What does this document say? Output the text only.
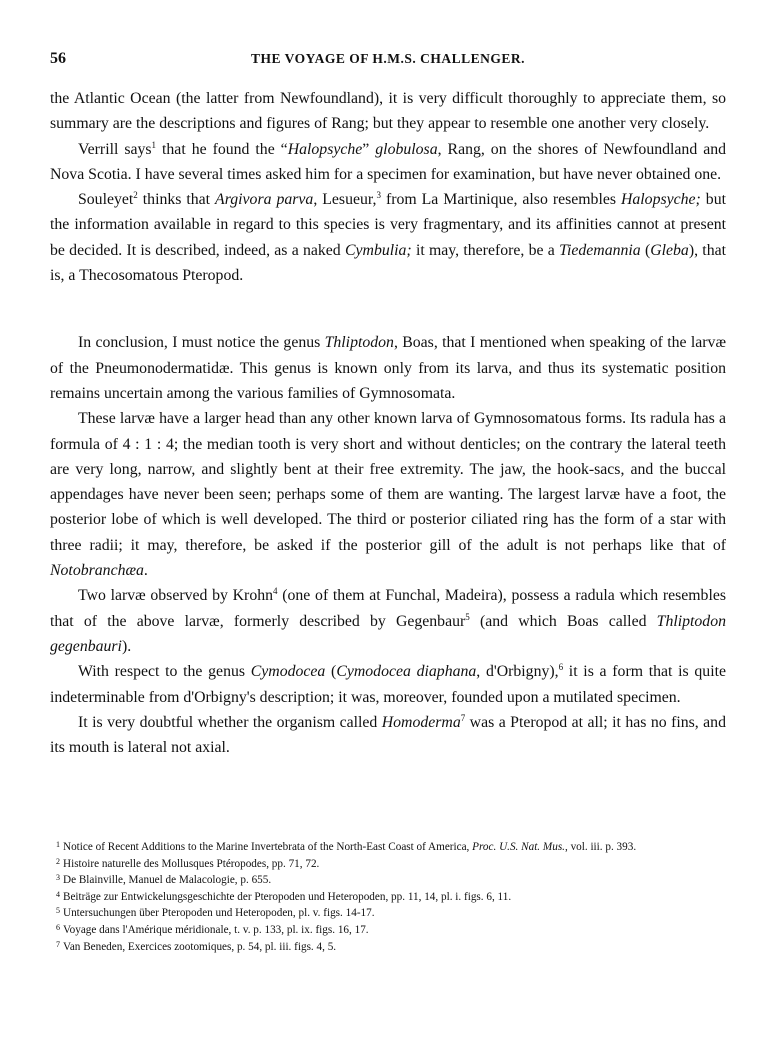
56	THE VOYAGE OF H.M.S. CHALLENGER.

the Atlantic Ocean (the latter from Newfoundland), it is very difficult thoroughly to appreciate them, so summary are the descriptions and figures of Rang; but they appear to resemble one another very closely.

Verrill says$^1$ that he found the “Halopsyche” globulosa, Rang, on the shores of Newfoundland and Nova Scotia. I have several times asked him for a specimen for examination, but have never obtained one.

Souleyet$^2$ thinks that Argivora parva, Lesueur,$^3$ from La Martinique, also resembles Halopsyche; but the information available in regard to this species is very fragmentary, and its affinities cannot at present be decided. It is described, indeed, as a naked Cymbulia; it may, therefore, be a Tiedemannia (Gleba), that is, a Thecosomatous Pteropod.

In conclusion, I must notice the genus Thliptodon, Boas, that I mentioned when speaking of the larvæ of the Pneumonodermatidæ. This genus is known only from its larva, and thus its systematic position remains uncertain among the various families of Gymnosomata.

These larvæ have a larger head than any other known larva of Gymnosomatous forms. Its radula has a formula of 4 : 1 : 4; the median tooth is very short and without denticles; on the contrary the lateral teeth are very long, narrow, and slightly bent at their free extremity. The jaw, the hook-sacs, and the buccal appendages have never been seen; perhaps some of them are wanting. The largest larvæ have a foot, the posterior lobe of which is well developed. The third or posterior ciliated ring has the form of a star with three radii; it may, therefore, be asked if the posterior gill of the adult is not perhaps like that of Notobranchæa.

Two larvæ observed by Krohn$^4$ (one of them at Funchal, Madeira), possess a radula which resembles that of the above larvæ, formerly described by Gegenbaur$^5$ (and which Boas called Thliptodon gegenbauri).

With respect to the genus Cymodocea (Cymodocea diaphana, d'Orbigny),$^6$ it is a form that is quite indeterminable from d'Orbigny's description; it was, moreover, founded upon a mutilated specimen.

It is very doubtful whether the organism called Homoderma$^7$ was a Pteropod at all; it has no fins, and its mouth is lateral not axial.

$^1$ Notice of Recent Additions to the Marine Invertebrata of the North-East Coast of America, Proc. U.S. Nat. Mus., vol. iii. p. 393.

$^2$ Histoire naturelle des Mollusques Ptéropodes, pp. 71, 72.

$^3$ De Blainville, Manuel de Malacologie, p. 655.

$^4$ Beiträge zur Entwickelungsgeschichte der Pteropoden und Heteropoden, pp. 11, 14, pl. i. figs. 6, 11.

$^5$ Untersuchungen über Pteropoden und Heteropoden, pl. v. figs. 14-17.

$^6$ Voyage dans l'Amérique méridionale, t. v. p. 133, pl. ix. figs. 16, 17.

$^7$ Van Beneden, Exercices zootomiques, p. 54, pl. iii. figs. 4, 5.
